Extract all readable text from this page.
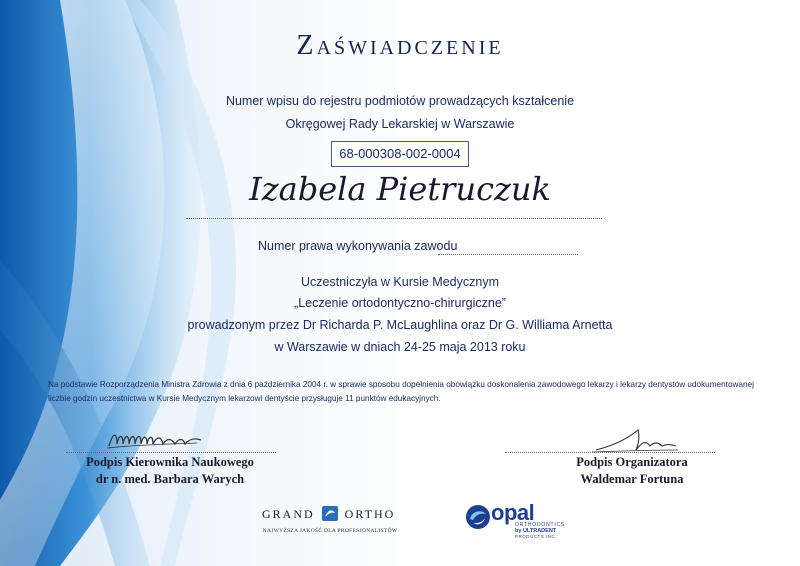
Zaświadczenie
Numer wpisu do rejestru podmiotów prowadzących kształcenie
Okręgowej Rady Lekarskiej w Warszawie
68-000308-002-0004
Izabela Pietruczuk
Numer prawa wykonywania zawodu
Uczestniczyła w Kursie Medycznym
„Leczenie ortodontyczno-chirurgiczne”
prowadzonym przez Dr Richarda P. McLaughlina oraz Dr G. Williama Arnetta
w Warszawie w dniach 24-25 maja 2013 roku
Na podstawie Rozporządzenia Ministra Zdrowia z dnia 6 października 2004 r. w sprawie sposobu dopełnienia obowiązku doskonalenia zawodowego lekarzy i lekarzy dentystów udokumentowanej liczbie godzin uczestnictwa w Kursie Medycznym lekarzowi dentyście przysługuje 11 punktów edukacyjnych.
Podpis Kierownika Naukowego
dr n. med. Barbara Warych
Podpis Organizatora
Waldemar Fortuna
GRAND	ORTHO
NAJWYŻSZA JAKOŚĆ DLA PROFESJONALISTÓW
opal
ORTHODONTICS
by ULTRADENT
PRODUCTS INC.
